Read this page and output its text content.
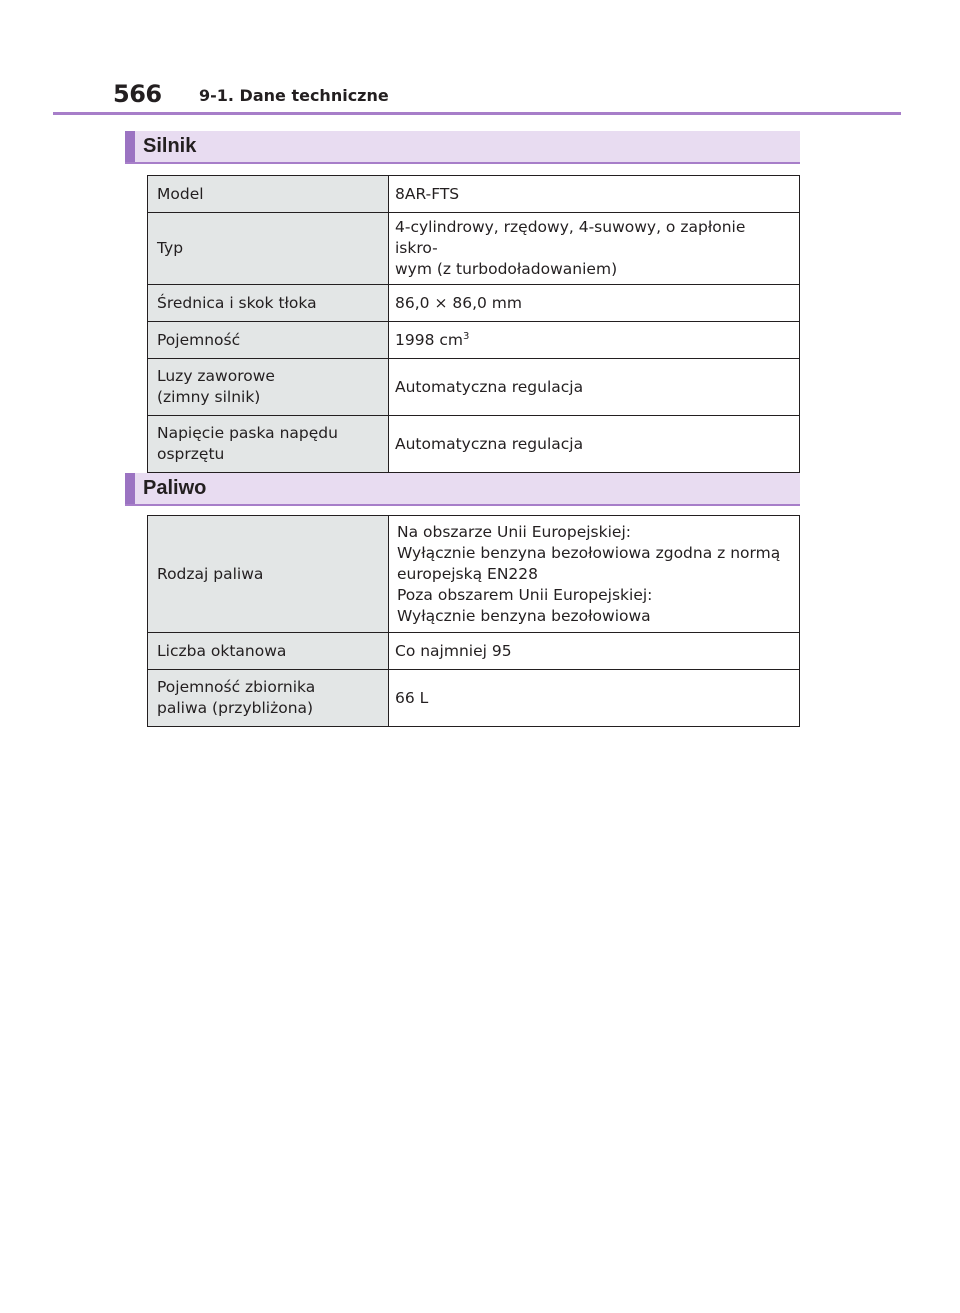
566 9-1. Dane techniczne
Silnik
Model	8AR-FTS
Typ	4-cylindrowy, rzędowy, 4-suwowy, o zapłonie iskro-
wym (z turbodoładowaniem)
Średnica i skok tłoka	86,0 × 86,0 mm
Pojemność	1998 $cm^3$
Luzy zaworowe
(zimny silnik)	Automatyczna regulacja
Napięcie paska napędu
osprzętu	Automatyczna regulacja
Paliwo
Rodzaj paliwa	Na obszarze Unii Europejskiej:
Wyłącznie benzyna bezołowiowa zgodna z normą
europejską EN228
Poza obszarem Unii Europejskiej:
Wyłącznie benzyna bezołowiowa
Liczba oktanowa	Co najmniej 95
Pojemność zbiornika
paliwa (przybliżona)	66 L
